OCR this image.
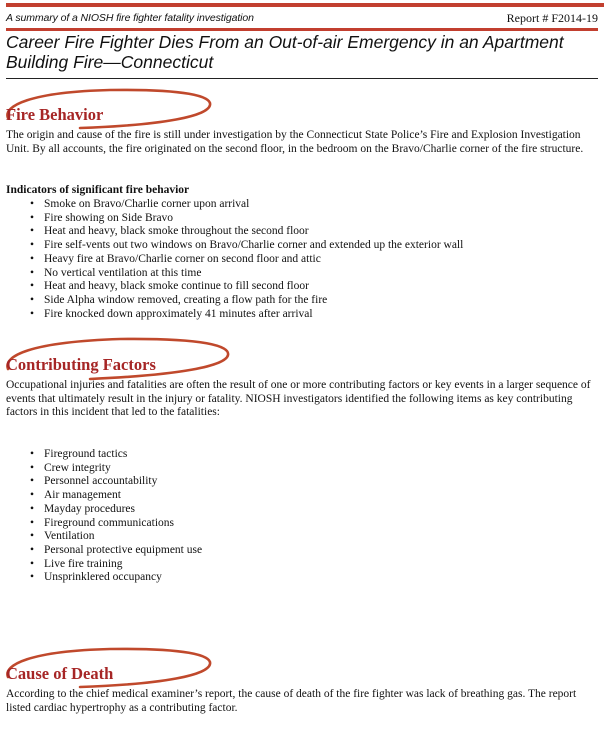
A summary of a NIOSH fire fighter fatality investigation	Report # F2014-19
Career Fire Fighter Dies From an Out-of-air Emergency in an Apartment Building Fire—Connecticut
Fire Behavior

The origin and cause of the fire is still under investigation by the Connecticut State Police’s Fire and Explosion Investigation Unit. By all accounts, the fire originated on the second floor, in the bedroom on the Bravo/Charlie corner of the fire structure.

Indicators of significant fire behavior

• Smoke on Bravo/Charlie corner upon arrival
• Fire showing on Side Bravo
• Heat and heavy, black smoke throughout the second floor
• Fire self-vents out two windows on Bravo/Charlie corner and extended up the exterior wall
• Heavy fire at Bravo/Charlie corner on second floor and attic
• No vertical ventilation at this time
• Heat and heavy, black smoke continue to fill second floor
• Side Alpha window removed, creating a flow path for the fire
• Fire knocked down approximately 41 minutes after arrival
Contributing Factors

Occupational injuries and fatalities are often the result of one or more contributing factors or key events in a larger sequence of events that ultimately result in the injury or fatality. NIOSH investigators identified the following items as key contributing factors in this incident that led to the fatalities:

• Fireground tactics
• Crew integrity
• Personnel accountability
• Air management
• Mayday procedures
• Fireground communications
• Ventilation
• Personal protective equipment use
• Live fire training
• Unsprinklered occupancy
Cause of Death

According to the chief medical examiner’s report, the cause of death of the fire fighter was lack of breathing gas. The report listed cardiac hypertrophy as a contributing factor.
